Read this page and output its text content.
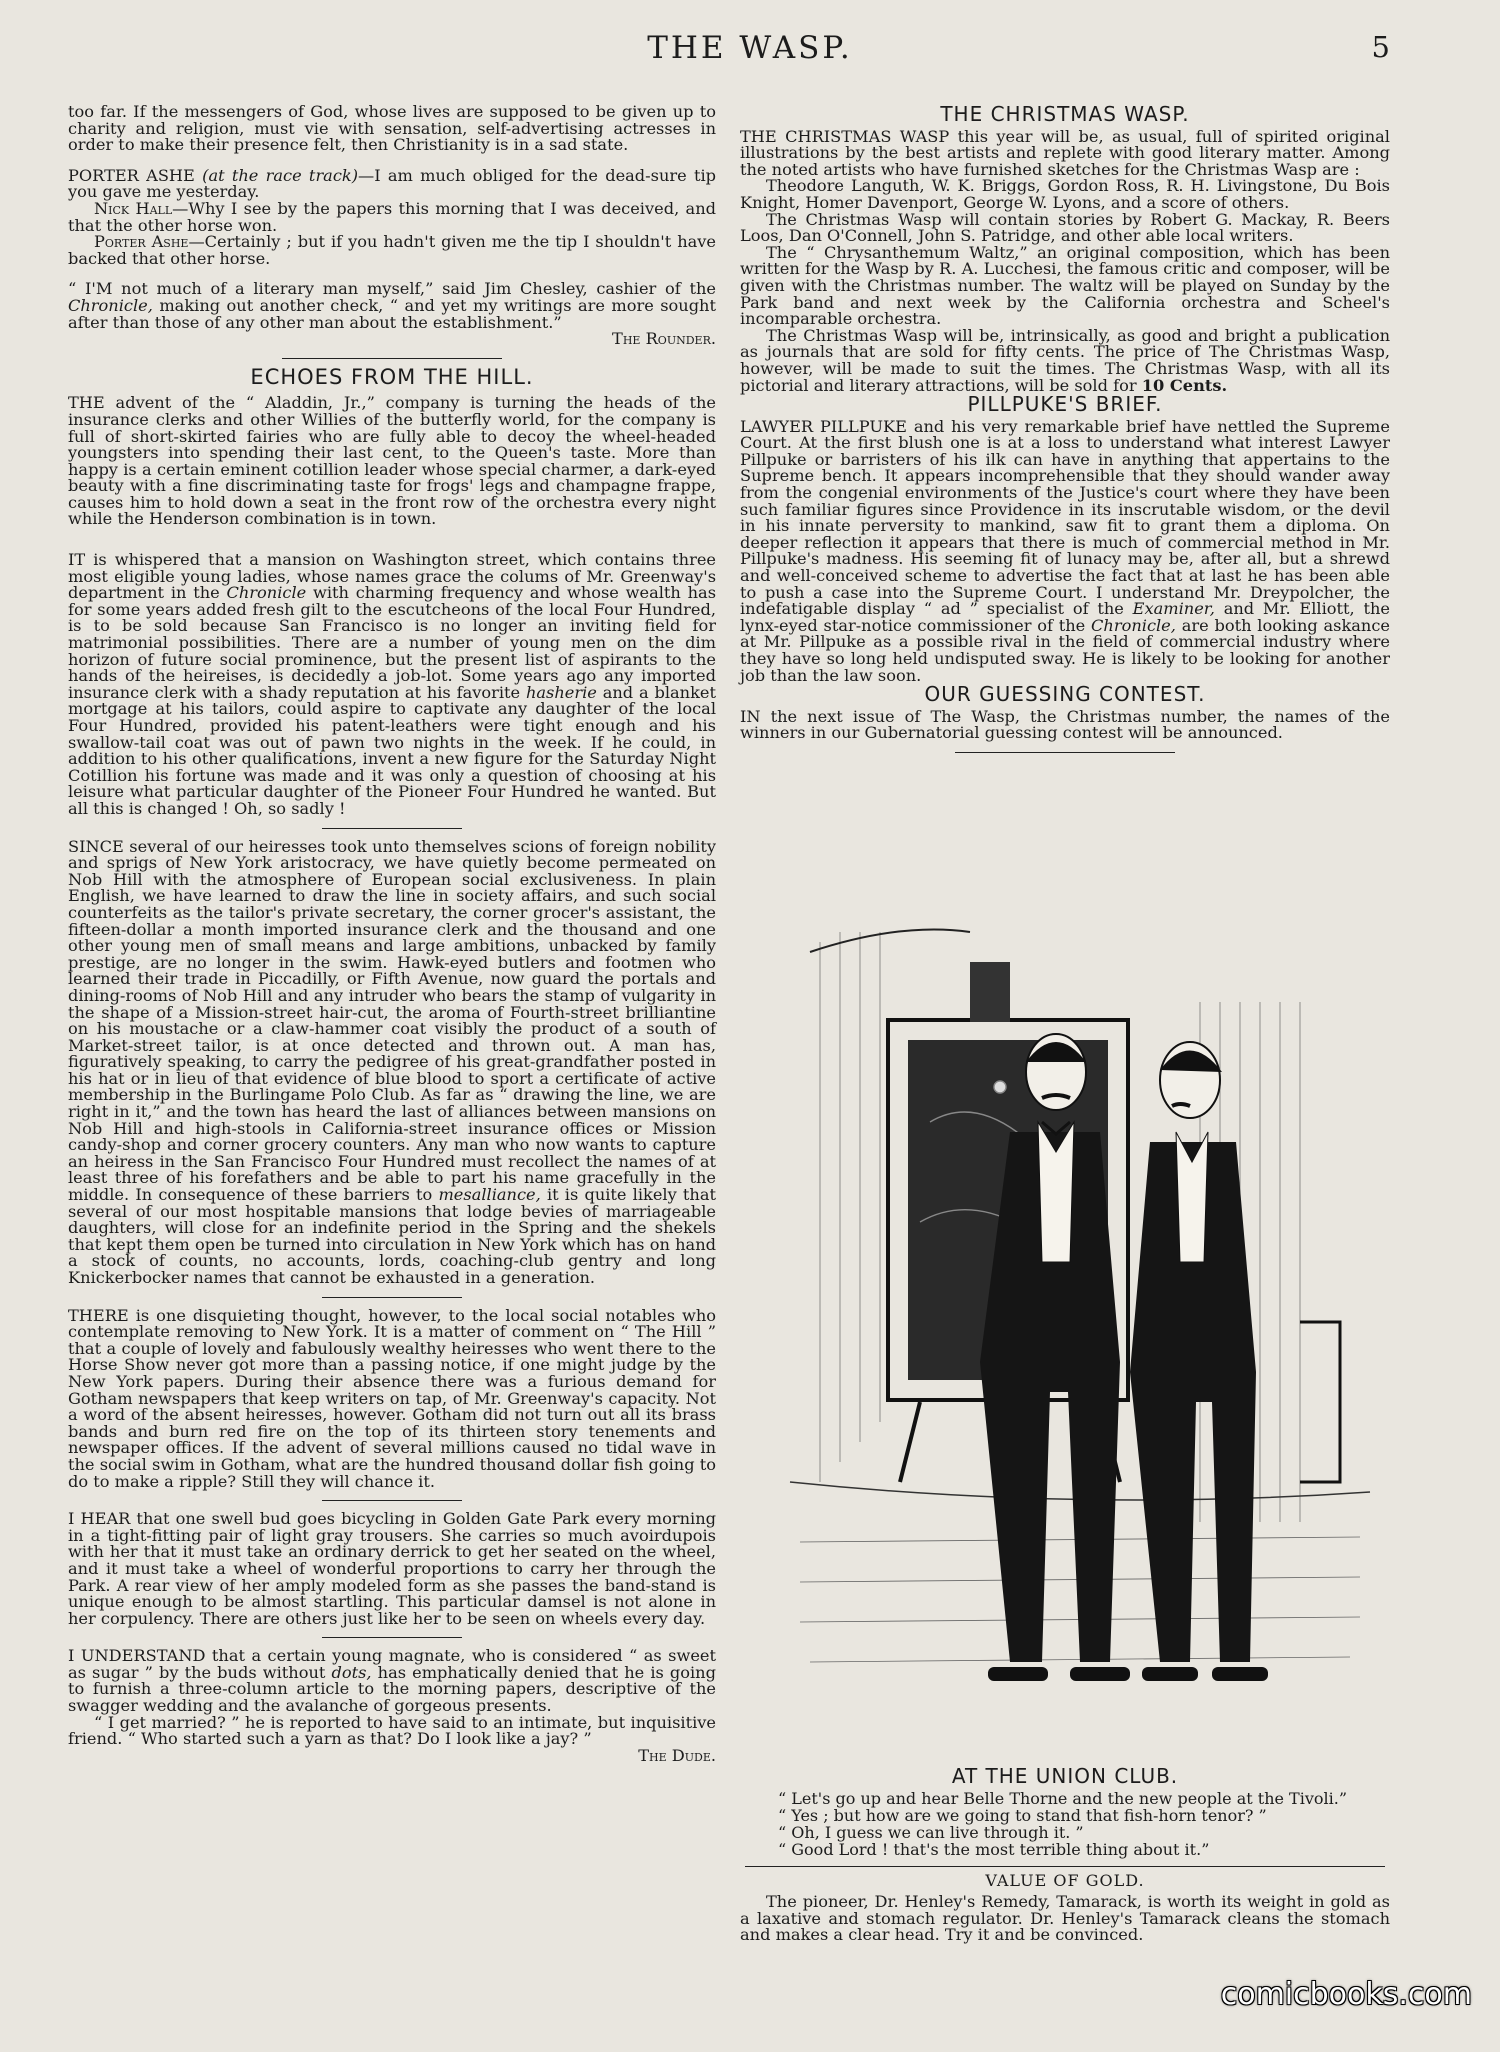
THE WASP.	5

too far. If the messengers of God, whose lives are supposed to be given up to charity and religion, must vie with sensation, self-advertising actresses in order to make their presence felt, then Christianity is in a sad state.

PORTER ASHE (at the race track)—I am much obliged for the dead-sure tip you gave me yesterday.

Nick Hall—Why I see by the papers this morning that I was deceived, and that the other horse won.

Porter Ashe—Certainly ; but if you hadn't given me the tip I shouldn't have backed that other horse.

“ I'M not much of a literary man myself,” said Jim Chesley, cashier of the Chronicle, making out another check, “ and yet my writings are more sought after than those of any other man about the establishment.”

The Rounder.

ECHOES FROM THE HILL.

THE advent of the “ Aladdin, Jr.,” company is turning the heads of the insurance clerks and other Willies of the butterfly world, for the company is full of short-skirted fairies who are fully able to decoy the wheel-headed youngsters into spending their last cent, to the Queen's taste. More than happy is a certain eminent cotillion leader whose special charmer, a dark-eyed beauty with a fine discriminating taste for frogs' legs and champagne frappe, causes him to hold down a seat in the front row of the orchestra every night while the Henderson combination is in town.

IT is whispered that a mansion on Washington street, which contains three most eligible young ladies, whose names grace the colums of Mr. Greenway's department in the Chronicle with charming frequency and whose wealth has for some years added fresh gilt to the escutcheons of the local Four Hundred, is to be sold because San Francisco is no longer an inviting field for matrimonial possibilities. There are a number of young men on the dim horizon of future social prominence, but the present list of aspirants to the hands of the heireises, is decidedly a job-lot. Some years ago any imported insurance clerk with a shady reputation at his favorite hasherie and a blanket mortgage at his tailors, could aspire to captivate any daughter of the local Four Hundred, provided his patent-leathers were tight enough and his swallow-tail coat was out of pawn two nights in the week. If he could, in addition to his other qualifications, invent a new figure for the Saturday Night Cotillion his fortune was made and it was only a question of choosing at his leisure what particular daughter of the Pioneer Four Hundred he wanted. But all this is changed ! Oh, so sadly !

SINCE several of our heiresses took unto themselves scions of foreign nobility and sprigs of New York aristocracy, we have quietly become permeated on Nob Hill with the atmosphere of European social exclusiveness. In plain English, we have learned to draw the line in society affairs, and such social counterfeits as the tailor's private secretary, the corner grocer's assistant, the fifteen-dollar a month imported insurance clerk and the thousand and one other young men of small means and large ambitions, unbacked by family prestige, are no longer in the swim. Hawk-eyed butlers and footmen who learned their trade in Piccadilly, or Fifth Avenue, now guard the portals and dining-rooms of Nob Hill and any intruder who bears the stamp of vulgarity in the shape of a Mission-street hair-cut, the aroma of Fourth-street brilliantine on his moustache or a claw-hammer coat visibly the product of a south of Market-street tailor, is at once detected and thrown out. A man has, figuratively speaking, to carry the pedigree of his great-grandfather posted in his hat or in lieu of that evidence of blue blood to sport a certificate of active membership in the Burlingame Polo Club. As far as “ drawing the line, we are right in it,” and the town has heard the last of alliances between mansions on Nob Hill and high-stools in California-street insurance offices or Mission candy-shop and corner grocery counters. Any man who now wants to capture an heiress in the San Francisco Four Hundred must recollect the names of at least three of his forefathers and be able to part his name gracefully in the middle. In consequence of these barriers to mesalliance, it is quite likely that several of our most hospitable mansions that lodge bevies of marriageable daughters, will close for an indefinite period in the Spring and the shekels that kept them open be turned into circulation in New York which has on hand a stock of counts, no accounts, lords, coaching-club gentry and long Knickerbocker names that cannot be exhausted in a generation.

THERE is one disquieting thought, however, to the local social notables who contemplate removing to New York. It is a matter of comment on “ The Hill ” that a couple of lovely and fabulously wealthy heiresses who went there to the Horse Show never got more than a passing notice, if one might judge by the New York papers. During their absence there was a furious demand for Gotham newspapers that keep writers on tap, of Mr. Greenway's capacity. Not a word of the absent heiresses, however. Gotham did not turn out all its brass bands and burn red fire on the top of its thirteen story tenements and newspaper offices. If the advent of several millions caused no tidal wave in the social swim in Gotham, what are the hundred thousand dollar fish going to do to make a ripple? Still they will chance it.

I HEAR that one swell bud goes bicycling in Golden Gate Park every morning in a tight-fitting pair of light gray trousers. She carries so much avoirdupois with her that it must take an ordinary derrick to get her seated on the wheel, and it must take a wheel of wonderful proportions to carry her through the Park. A rear view of her amply modeled form as she passes the band-stand is unique enough to be almost startling. This particular damsel is not alone in her corpulency. There are others just like her to be seen on wheels every day.

I UNDERSTAND that a certain young magnate, who is considered “ as sweet as sugar ” by the buds without dots, has emphatically denied that he is going to furnish a three-column article to the morning papers, descriptive of the swagger wedding and the avalanche of gorgeous presents.

“ I get married? ” he is reported to have said to an intimate, but inquisitive friend. “ Who started such a yarn as that? Do I look like a jay? ”

The Dude.

THE CHRISTMAS WASP.

THE CHRISTMAS WASP this year will be, as usual, full of spirited original illustrations by the best artists and replete with good literary matter. Among the noted artists who have furnished sketches for the Christmas Wasp are :

Theodore Languth, W. K. Briggs, Gordon Ross, R. H. Livingstone, Du Bois Knight, Homer Davenport, George W. Lyons, and a score of others.

The Christmas Wasp will contain stories by Robert G. Mackay, R. Beers Loos, Dan O'Connell, John S. Patridge, and other able local writers.

The “ Chrysanthemum Waltz,” an original composition, which has been written for the Wasp by R. A. Lucchesi, the famous critic and composer, will be given with the Christmas number. The waltz will be played on Sunday by the Park band and next week by the California orchestra and Scheel's incomparable orchestra.

The Christmas Wasp will be, intrinsically, as good and bright a publication as journals that are sold for fifty cents. The price of The Christmas Wasp, however, will be made to suit the times. The Christmas Wasp, with all its pictorial and literary attractions, will be sold for 10 Cents.

PILLPUKE'S BRIEF.

LAWYER PILLPUKE and his very remarkable brief have nettled the Supreme Court. At the first blush one is at a loss to understand what interest Lawyer Pillpuke or barristers of his ilk can have in anything that appertains to the Supreme bench. It appears incomprehensible that they should wander away from the congenial environments of the Justice's court where they have been such familiar figures since Providence in its inscrutable wisdom, or the devil in his innate perversity to mankind, saw fit to grant them a diploma. On deeper reflection it appears that there is much of commercial method in Mr. Pillpuke's madness. His seeming fit of lunacy may be, after all, but a shrewd and well-conceived scheme to advertise the fact that at last he has been able to push a case into the Supreme Court. I understand Mr. Dreypolcher, the indefatigable display “ ad ” specialist of the Examiner, and Mr. Elliott, the lynx-eyed star-notice commissioner of the Chronicle, are both looking askance at Mr. Pillpuke as a possible rival in the field of commercial industry where they have so long held undisputed sway. He is likely to be looking for another job than the law soon.

OUR GUESSING CONTEST.

IN the next issue of The Wasp, the Christmas number, the names of the winners in our Gubernatorial guessing contest will be announced.

AT THE UNION CLUB.

“ Let's go up and hear Belle Thorne and the new people at the Tivoli.”

“ Yes ; but how are we going to stand that fish-horn tenor? ”

“ Oh, I guess we can live through it. ”

“ Good Lord ! that's the most terrible thing about it.”

VALUE OF GOLD.

The pioneer, Dr. Henley's Remedy, Tamarack, is worth its weight in gold as a laxative and stomach regulator. Dr. Henley's Tamarack cleans the stomach and makes a clear head. Try it and be convinced.

comicbooks.com
